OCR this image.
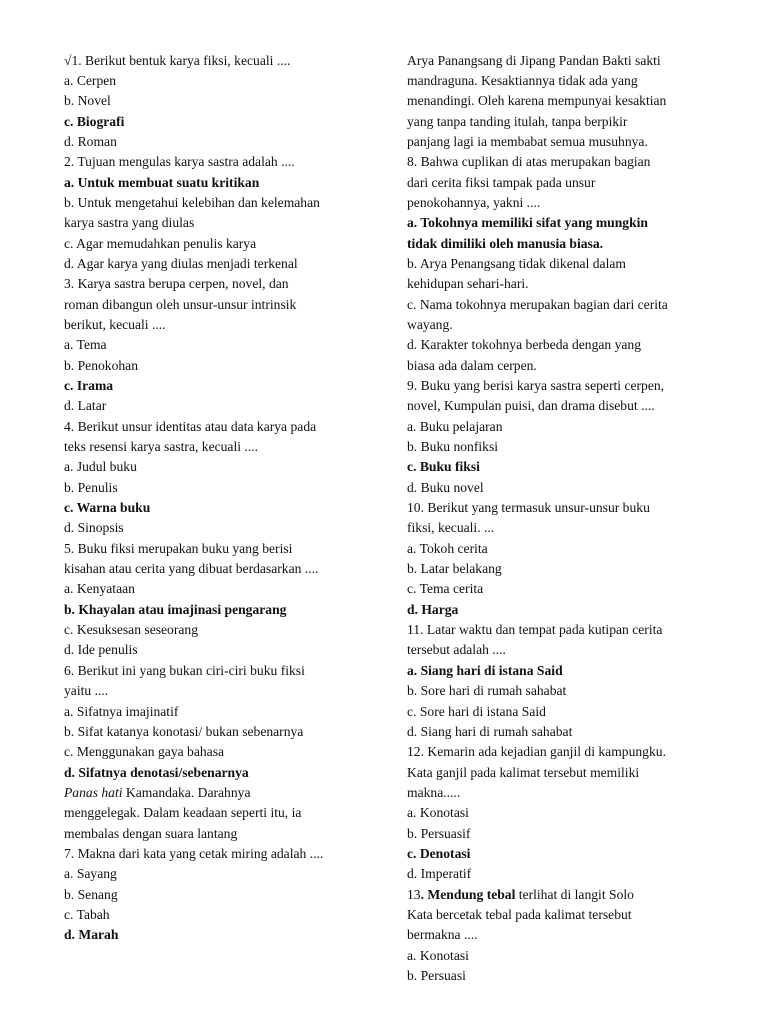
√1. Berikut bentuk karya fiksi, kecuali ....
a. Cerpen
b. Novel
c. Biografi
d. Roman
2. Tujuan mengulas karya sastra adalah ....
a. Untuk membuat suatu kritikan
b. Untuk mengetahui kelebihan dan kelemahan
karya sastra yang diulas
c. Agar memudahkan penulis karya
d. Agar karya yang diulas menjadi terkenal
3. Karya sastra berupa cerpen, novel, dan
roman dibangun oleh unsur-unsur intrinsik
berikut, kecuali ....
a. Tema
b. Penokohan
c. Irama
d. Latar
4. Berikut unsur identitas atau data karya pada
teks resensi karya sastra, kecuali ....
a. Judul buku
b. Penulis
c. Warna buku
d. Sinopsis
5. Buku fiksi merupakan buku yang berisi
kisahan atau cerita yang dibuat berdasarkan ....
a. Kenyataan
b. Khayalan atau imajinasi pengarang
c. Kesuksesan seseorang
d. Ide penulis
6. Berikut ini yang bukan ciri-ciri buku fiksi
yaitu ....
a. Sifatnya imajinatif
b. Sifat katanya konotasi/ bukan sebenarnya
c. Menggunakan gaya bahasa
d. Sifatnya denotasi/sebenarnya
Panas hati Kamandaka. Darahnya
menggelegak. Dalam keadaan seperti itu, ia
membalas dengan suara lantang
7. Makna dari kata yang cetak miring adalah ....
a. Sayang
b. Senang
c. Tabah
d. Marah
Arya Panangsang di Jipang Pandan Bakti sakti
mandraguna. Kesaktiannya tidak ada yang
menandingi. Oleh karena mempunyai kesaktian
yang tanpa tanding itulah, tanpa berpikir
panjang lagi ia membabat semua musuhnya.
8. Bahwa cuplikan di atas merupakan bagian
dari cerita fiksi tampak pada unsur
penokohannya, yakni ....
a. Tokohnya memiliki sifat yang mungkin
tidak dimiliki oleh manusia biasa.
b. Arya Penangsang tidak dikenal dalam
kehidupan sehari-hari.
c. Nama tokohnya merupakan bagian dari cerita
wayang.
d. Karakter tokohnya berbeda dengan yang
biasa ada dalam cerpen.
9. Buku yang berisi karya sastra seperti cerpen,
novel, Kumpulan puisi, dan drama disebut ....
a. Buku pelajaran
b. Buku nonfiksi
c. Buku fiksi
d. Buku novel
10. Berikut yang termasuk unsur-unsur buku
fiksi, kecuali. ...
a. Tokoh cerita
b. Latar belakang
c. Tema cerita
d. Harga
11. Latar waktu dan tempat pada kutipan cerita
tersebut adalah ....
a. Siang hari di istana Said
b. Sore hari di rumah sahabat
c. Sore hari di istana Said
d. Siang hari di rumah sahabat
12. Kemarin ada kejadian ganjil di kampungku.
Kata ganjil pada kalimat tersebut memiliki
makna.....
a. Konotasi
b. Persuasif
c. Denotasi
d. Imperatif
13. Mendung tebal terlihat di langit Solo
Kata bercetak tebal pada kalimat tersebut
bermakna ....
a. Konotasi
b. Persuasi
